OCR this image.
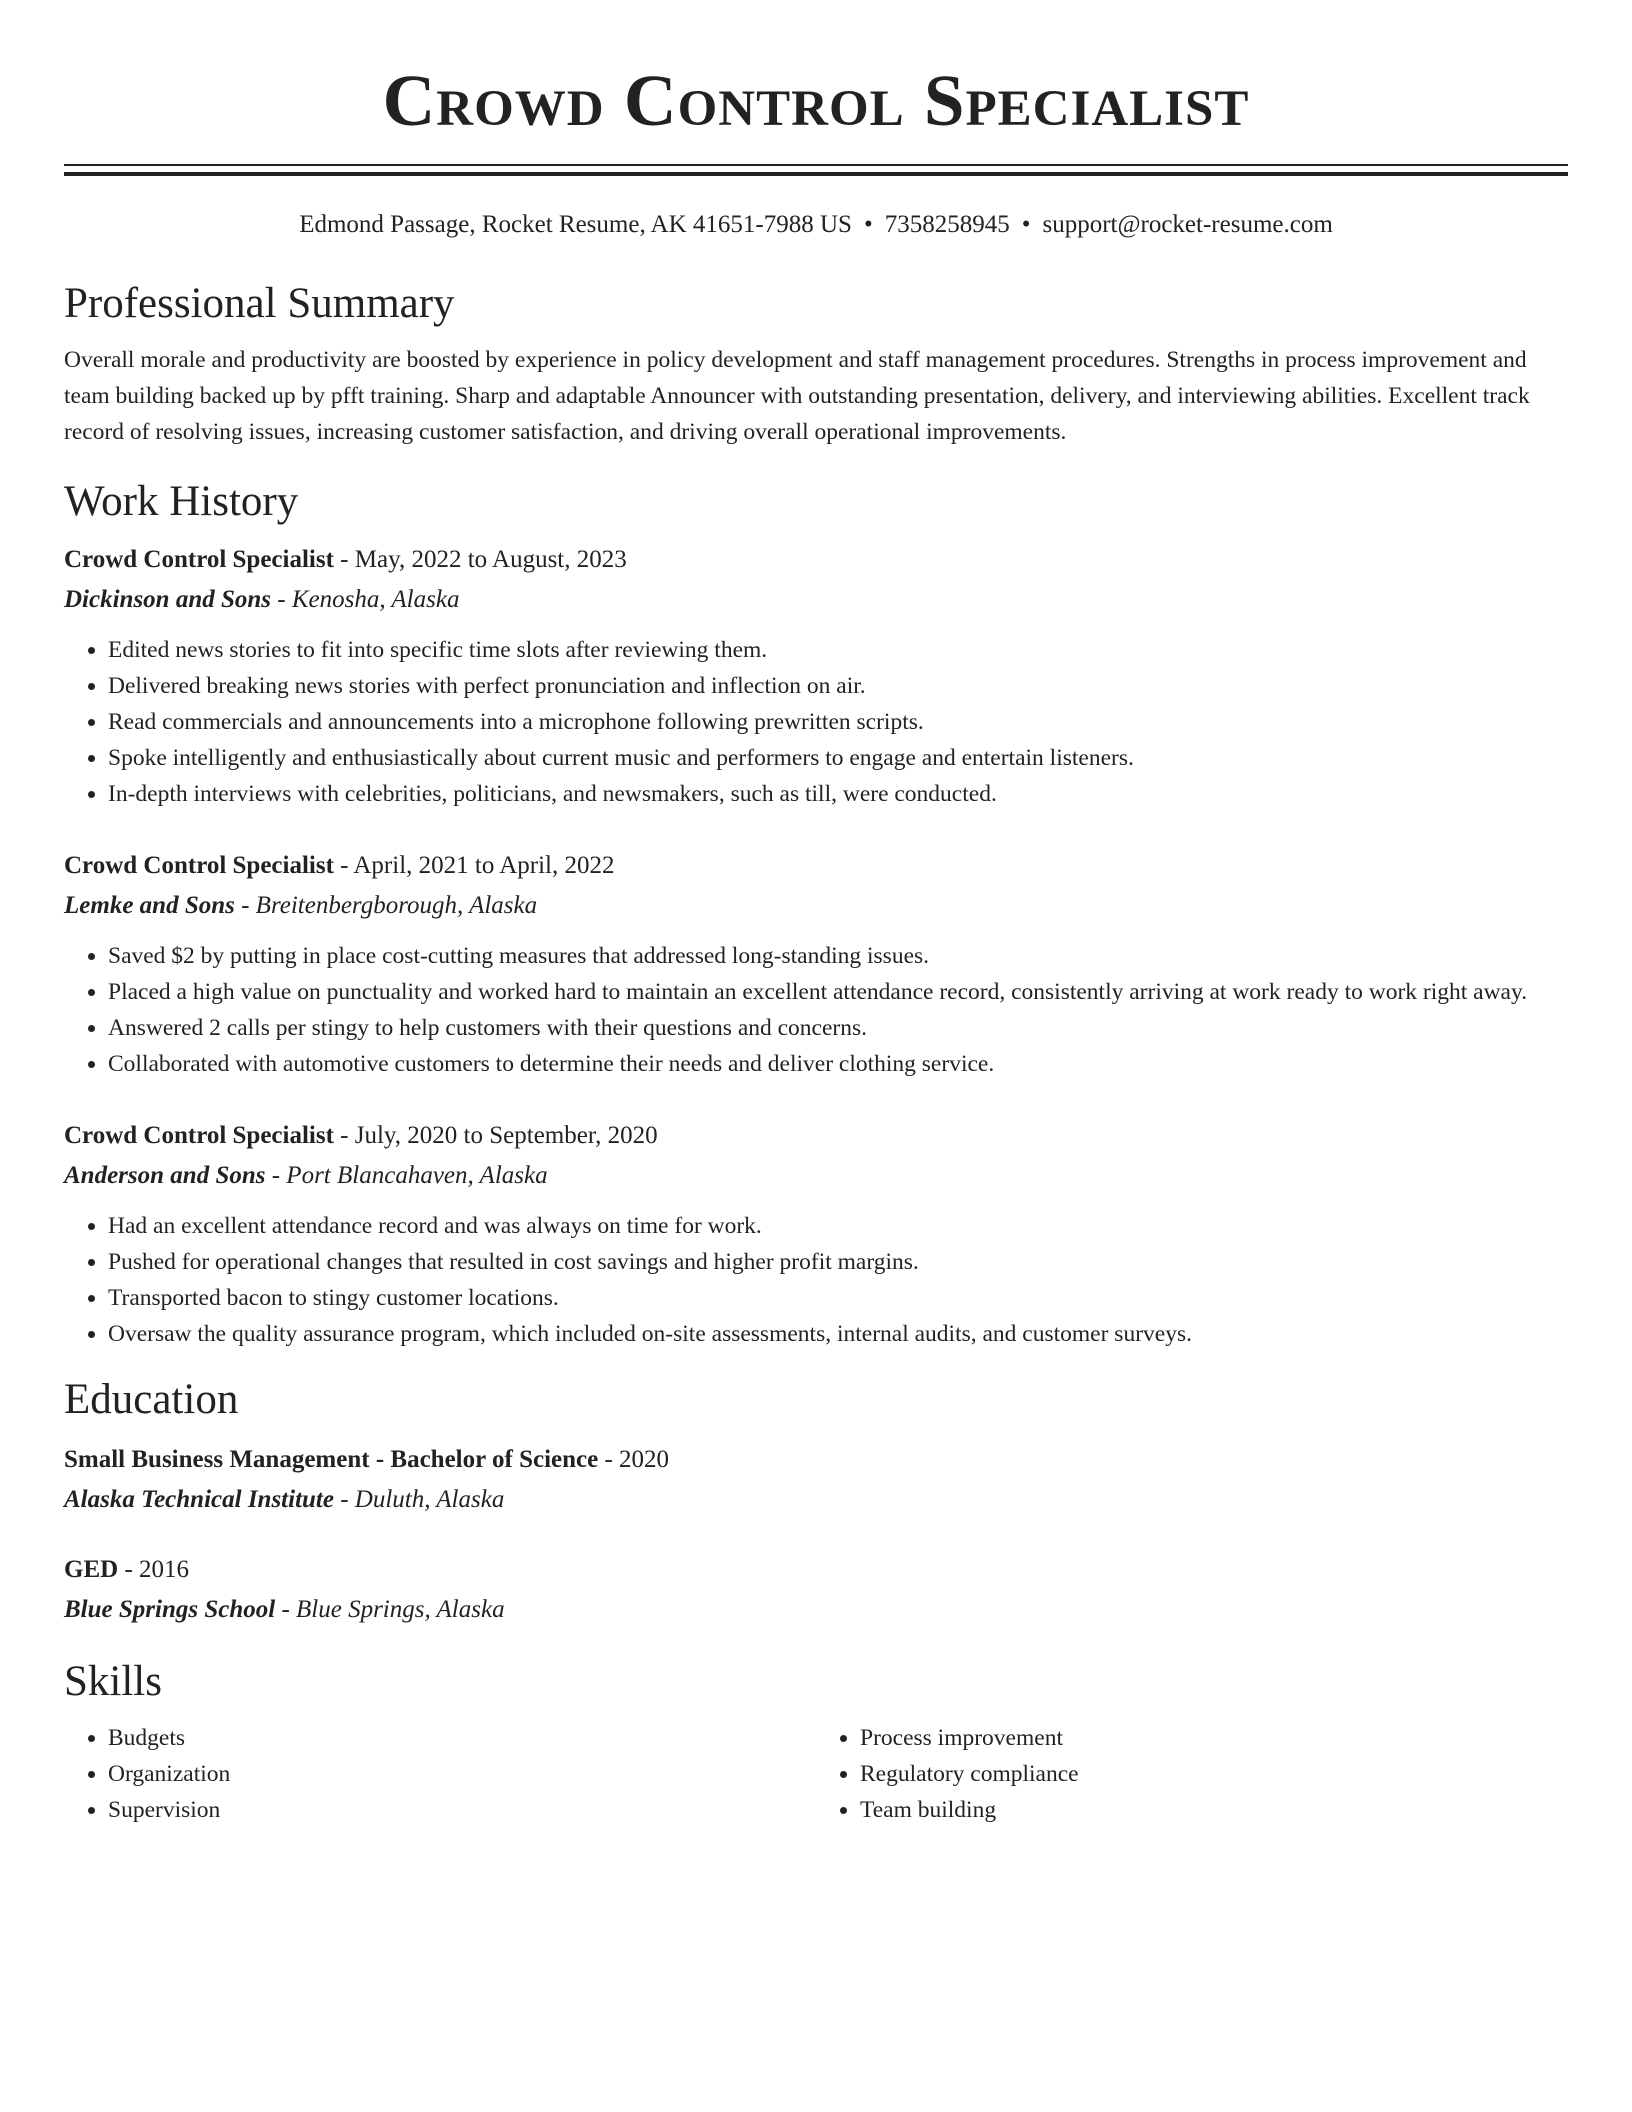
Crowd Control Specialist
Edmond Passage, Rocket Resume, AK 41651-7988 US • 7358258945 • support@rocket-resume.com
Professional Summary

Overall morale and productivity are boosted by experience in policy development and staff management procedures. Strengths in process improvement and team building backed up by pfft training. Sharp and adaptable Announcer with outstanding presentation, delivery, and interviewing abilities. Excellent track record of resolving issues, increasing customer satisfaction, and driving overall operational improvements.

Work History
Crowd Control Specialist - May, 2022 to August, 2023
Dickinson and Sons - Kenosha, Alaska
• Edited news stories to fit into specific time slots after reviewing them.
• Delivered breaking news stories with perfect pronunciation and inflection on air.
• Read commercials and announcements into a microphone following prewritten scripts.
• Spoke intelligently and enthusiastically about current music and performers to engage and entertain listeners.
• In-depth interviews with celebrities, politicians, and newsmakers, such as till, were conducted.
Crowd Control Specialist - April, 2021 to April, 2022
Lemke and Sons - Breitenbergborough, Alaska
• Saved $2 by putting in place cost-cutting measures that addressed long-standing issues.
• Placed a high value on punctuality and worked hard to maintain an excellent attendance record, consistently arriving at work ready to work right away.
• Answered 2 calls per stingy to help customers with their questions and concerns.
• Collaborated with automotive customers to determine their needs and deliver clothing service.
Crowd Control Specialist - July, 2020 to September, 2020
Anderson and Sons - Port Blancahaven, Alaska
• Had an excellent attendance record and was always on time for work.
• Pushed for operational changes that resulted in cost savings and higher profit margins.
• Transported bacon to stingy customer locations.
• Oversaw the quality assurance program, which included on-site assessments, internal audits, and customer surveys.
Education
Small Business Management - Bachelor of Science - 2020
Alaska Technical Institute - Duluth, Alaska
GED - 2016
Blue Springs School - Blue Springs, Alaska
Skills
• Budgets
• Organization
• Supervision
• Process improvement
• Regulatory compliance
• Team building
